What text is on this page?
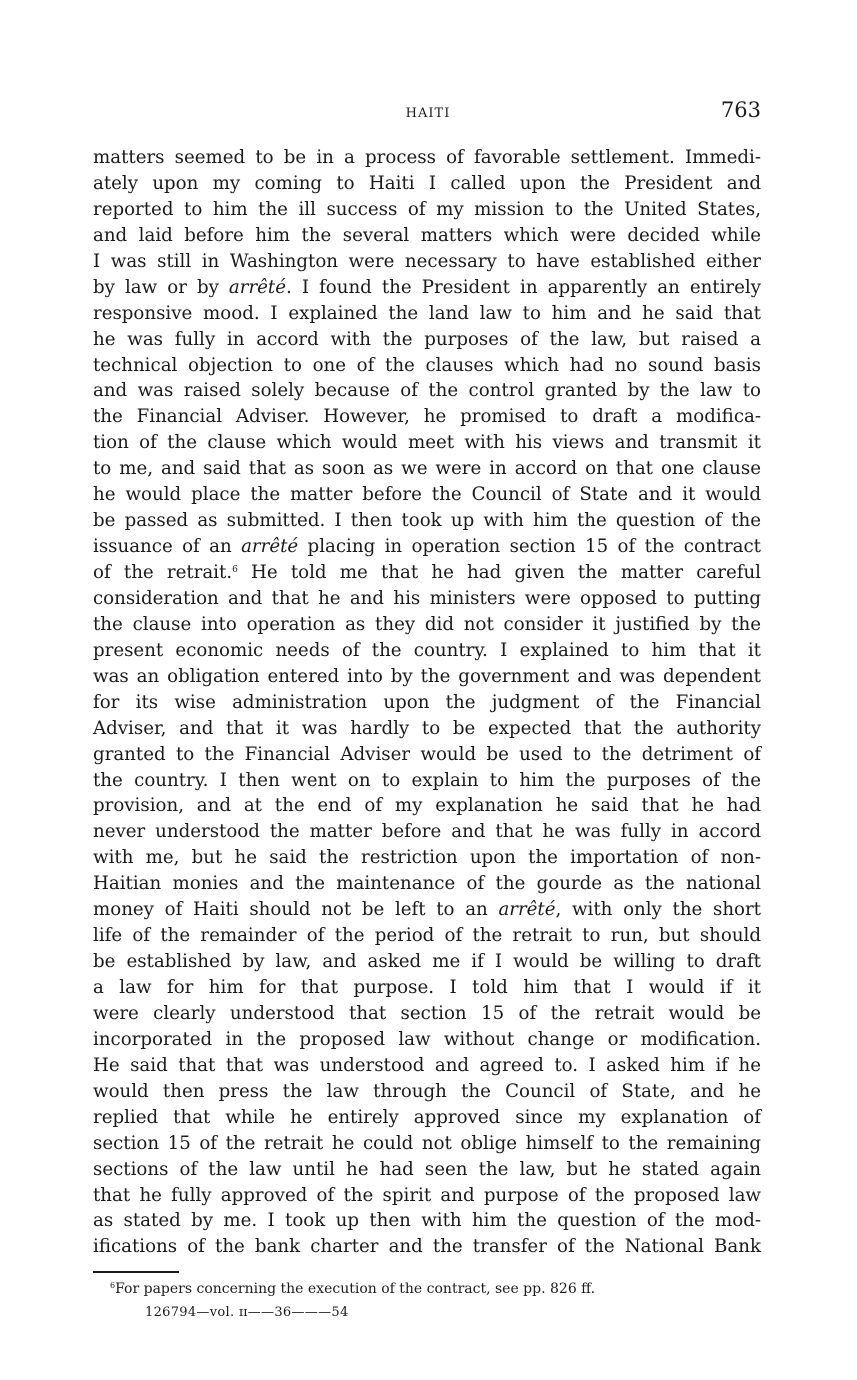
HAITI	763
matters seemed to be in a process of favorable settlement. Immedi-
ately upon my coming to Haiti I called upon the President and
reported to him the ill success of my mission to the United States,
and laid before him the several matters which were decided while
I was still in Washington were necessary to have established either
by law or by arrêté. I found the President in apparently an entirely
responsive mood. I explained the land law to him and he said that
he was fully in accord with the purposes of the law, but raised a
technical objection to one of the clauses which had no sound basis
and was raised solely because of the control granted by the law to
the Financial Adviser. However, he promised to draft a modifica-
tion of the clause which would meet with his views and transmit it
to me, and said that as soon as we were in accord on that one clause
he would place the matter before the Council of State and it would
be passed as submitted. I then took up with him the question of the
issuance of an arrêté placing in operation section 15 of the contract
of the retrait.$^6$ He told me that he had given the matter careful
consideration and that he and his ministers were opposed to putting
the clause into operation as they did not consider it justified by the
present economic needs of the country. I explained to him that it
was an obligation entered into by the government and was dependent
for its wise administration upon the judgment of the Financial
Adviser, and that it was hardly to be expected that the authority
granted to the Financial Adviser would be used to the detriment of
the country. I then went on to explain to him the purposes of the
provision, and at the end of my explanation he said that he had
never understood the matter before and that he was fully in accord
with me, but he said the restriction upon the importation of non-
Haitian monies and the maintenance of the gourde as the national
money of Haiti should not be left to an arrêté, with only the short
life of the remainder of the period of the retrait to run, but should
be established by law, and asked me if I would be willing to draft
a law for him for that purpose. I told him that I would if it
were clearly understood that section 15 of the retrait would be
incorporated in the proposed law without change or modification.
He said that that was understood and agreed to. I asked him if he
would then press the law through the Council of State, and he
replied that while he entirely approved since my explanation of
section 15 of the retrait he could not oblige himself to the remaining
sections of the law until he had seen the law, but he stated again
that he fully approved of the spirit and purpose of the proposed law
as stated by me. I took up then with him the question of the mod-
ifications of the bank charter and the transfer of the National Bank
$^6$For papers concerning the execution of the contract, see pp. 826 ff.
126794—vol. ɪɪ——36———54
